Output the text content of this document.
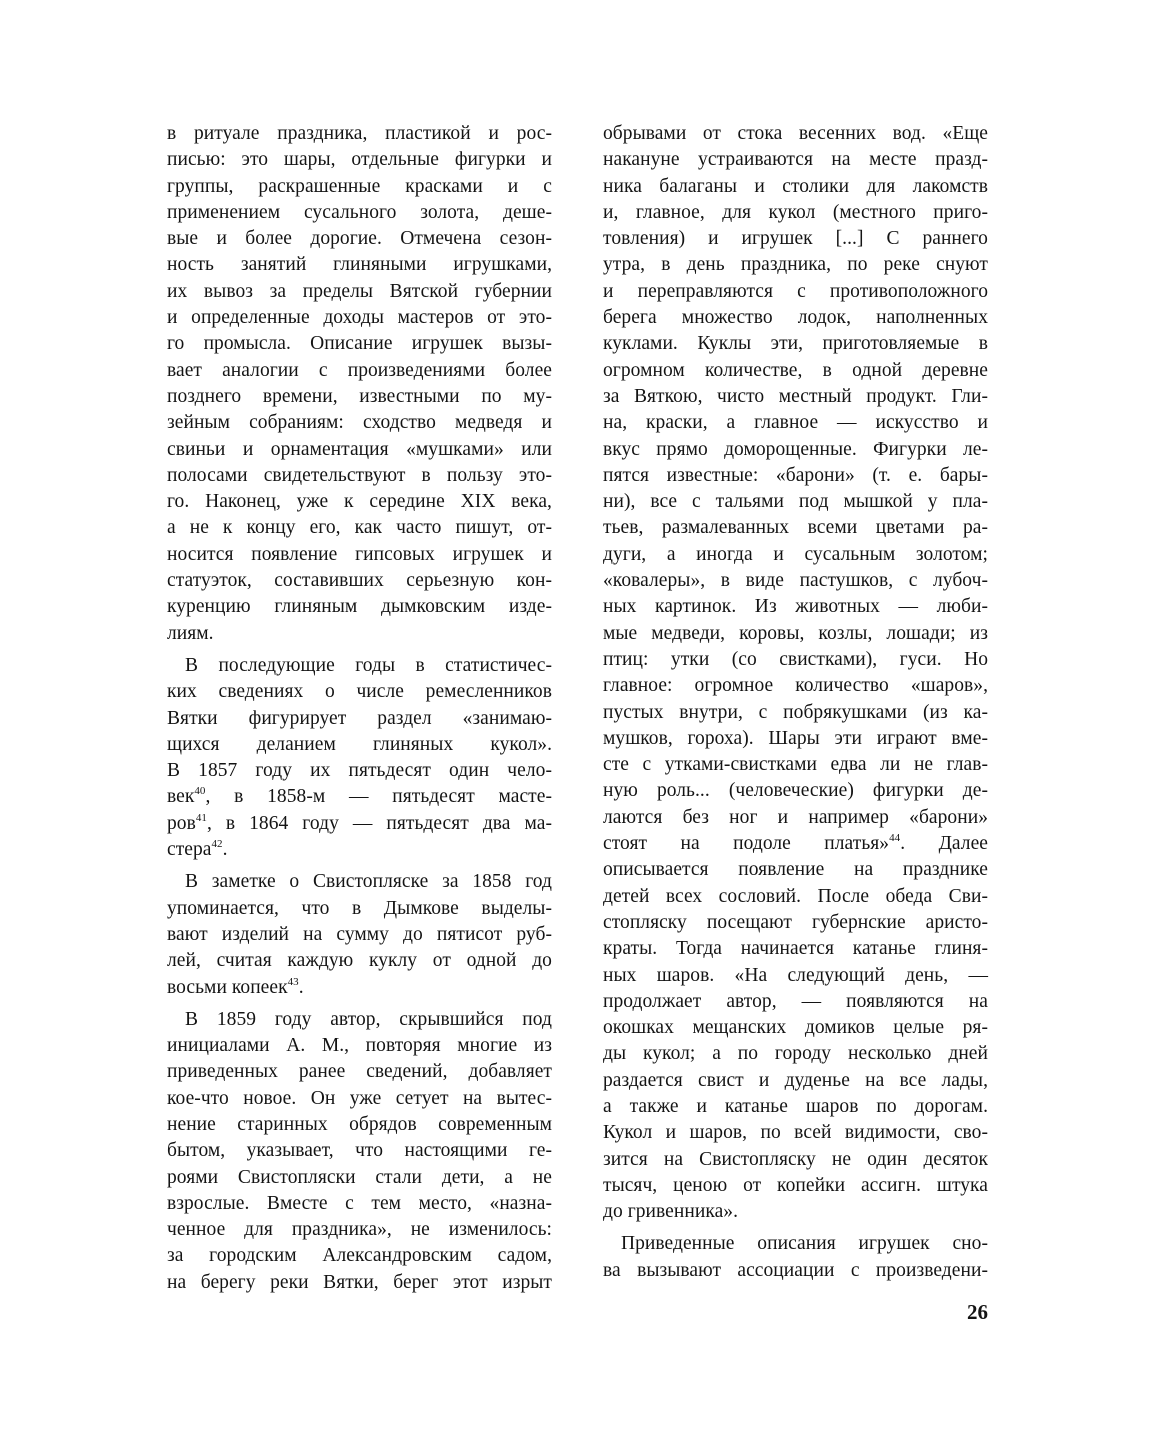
в ритуале праздника, пластикой и рос-
писью: это шары, отдельные фигурки и
группы, раскрашенные красками и с
применением сусального золота, деше-
вые и более дорогие. Отмечена сезон-
ность занятий глиняными игрушками,
их вывоз за пределы Вятской губернии
и определенные доходы мастеров от это-
го промысла. Описание игрушек вызы-
вает аналогии с произведениями более
позднего времени, известными по му-
зейным собраниям: сходство медведя и
свиньи и орнаментация «мушками» или
полосами свидетельствуют в пользу это-
го. Наконец, уже к середине XIX века,
а не к концу его, как часто пишут, от-
носится появление гипсовых игрушек и
статуэток, составивших серьезную кон-
куренцию глиняным дымковским изде-
лиям.
В последующие годы в статистичес-
ких сведениях о числе ремесленников
Вятки фигурирует раздел «занимаю-
щихся деланием глиняных кукол».
В 1857 году их пятьдесят один чело-
век$^{40}$, в 1858-м — пятьдесят масте-
ров$^{41}$, в 1864 году — пятьдесят два ма-
стера$^{42}$.
В заметке о Свистопляске за 1858 год
упоминается, что в Дымкове выделы-
вают изделий на сумму до пятисот руб-
лей, считая каждую куклу от одной до
восьми копеек$^{43}$.
В 1859 году автор, скрывшийся под
инициалами А. М., повторяя многие из
приведенных ранее сведений, добавляет
кое-что новое. Он уже сетует на вытес-
нение старинных обрядов современным
бытом, указывает, что настоящими ге-
роями Свистопляски стали дети, а не
взрослые. Вместе с тем место, «назна-
ченное для праздника», не изменилось:
за городским Александровским садом,
на берегу реки Вятки, берег этот изрыт
обрывами от стока весенних вод. «Еще
накануне устраиваются на месте празд-
ника балаганы и столики для лакомств
и, главное, для кукол (местного приго-
товления) и игрушек [...] С раннего
утра, в день праздника, по реке снуют
и переправляются с противоположного
берега множество лодок, наполненных
куклами. Куклы эти, приготовляемые в
огромном количестве, в одной деревне
за Вяткою, чисто местный продукт. Гли-
на, краски, а главное — искусство и
вкус прямо доморощенные. Фигурки ле-
пятся известные: «барони» (т. е. бары-
ни), все с тальями под мышкой у пла-
тьев, размалеванных всеми цветами ра-
дуги, а иногда и сусальным золотом;
«ковалеры», в виде пастушков, с лубоч-
ных картинок. Из животных — люби-
мые медведи, коровы, козлы, лошади; из
птиц: утки (со свистками), гуси. Но
главное: огромное количество «шаров»,
пустых внутри, с побрякушками (из ка-
мушков, гороха). Шары эти играют вме-
сте с утками-свистками едва ли не глав-
ную роль... (человеческие) фигурки де-
лаются без ног и например «барони»
стоят на подоле платья»$^{44}$. Далее
описывается появление на празднике
детей всех сословий. После обеда Сви-
стопляску посещают губернские аристо-
краты. Тогда начинается катанье глиня-
ных шаров. «На следующий день, —
продолжает автор, — появляются на
окошках мещанских домиков целые ря-
ды кукол; а по городу несколько дней
раздается свист и дуденье на все лады,
а также и катанье шаров по дорогам.
Кукол и шаров, по всей видимости, сво-
зится на Свистопляску не один десяток
тысяч, ценою от копейки ассигн. штука
до гривенника».
Приведенные описания игрушек сно-
ва вызывают ассоциации с произведени-
26
